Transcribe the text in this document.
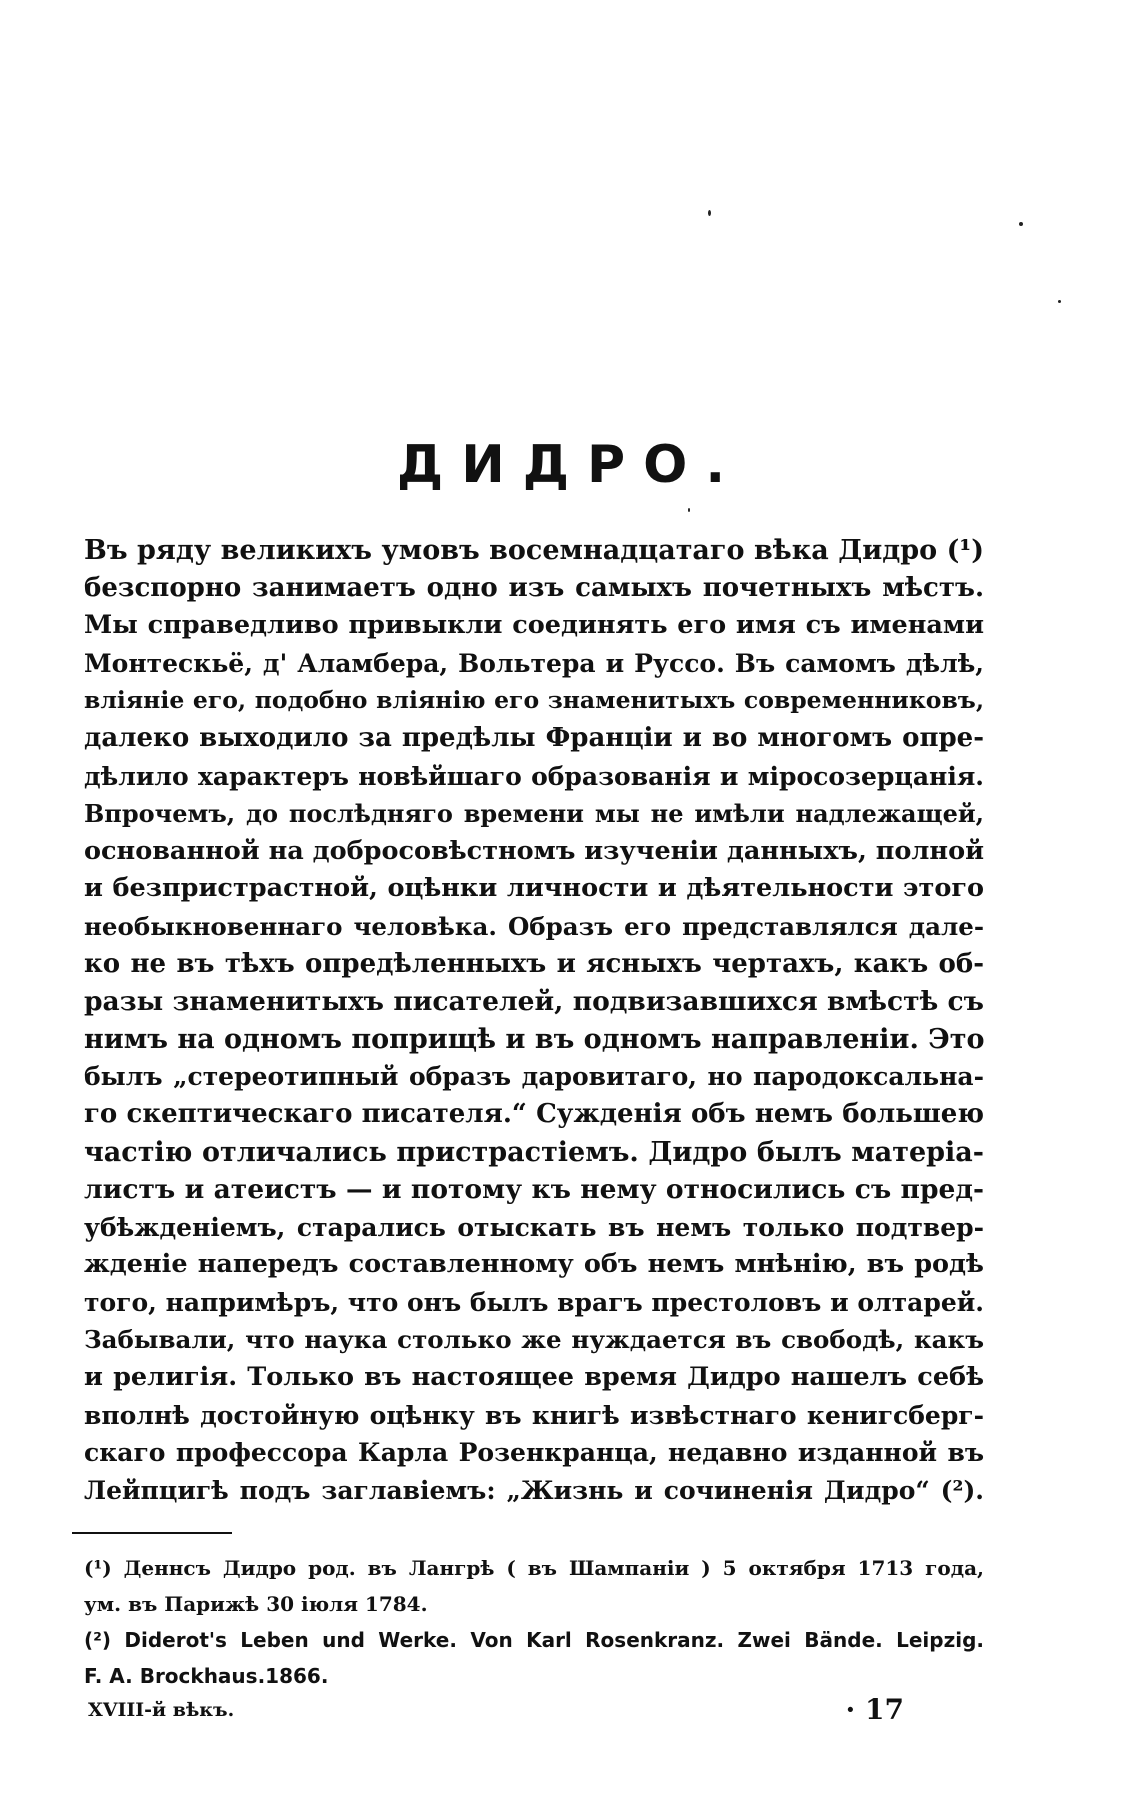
ДИДРО.
Въ ряду великихъ умовъ восемнадцатаго вѣка Дидро (¹)
безспорно занимаетъ одно изъ самыхъ почетныхъ мѣстъ.
Мы справедливо привыкли соединять его имя съ именами
Монтескьё, д' Аламбера, Вольтера и Руссо. Въ самомъ дѣлѣ,
вліяніе его, подобно вліянію его знаменитыхъ современниковъ,
далеко выходило за предѣлы Франціи и во многомъ опре-
дѣлило характеръ новѣйшаго образованія и міросозерцанія.
Впрочемъ, до послѣдняго времени мы не имѣли надлежащей,
основанной на добросовѣстномъ изученіи данныхъ, полной
и безпристрастной, оцѣнки личности и дѣятельности этого
необыкновеннаго человѣка. Образъ его представлялся дале-
ко не въ тѣхъ опредѣленныхъ и ясныхъ чертахъ, какъ об-
разы знаменитыхъ писателей, подвизавшихся вмѣстѣ съ
нимъ на одномъ поприщѣ и въ одномъ направленіи. Это
былъ „стереотипный образъ даровитаго, но пародоксальна-
го скептическаго писателя.“ Сужденія объ немъ большею
частію отличались пристрастіемъ. Дидро былъ матеріа-
листъ и атеистъ — и потому къ нему относились съ пред-
убѣжденіемъ, старались отыскать въ немъ только подтвер-
жденіе напередъ составленному объ немъ мнѣнію, въ родѣ
того, напримѣръ, что онъ былъ врагъ престоловъ и олтарей.
Забывали, что наука столько же нуждается въ свободѣ, какъ
и религія. Только въ настоящее время Дидро нашелъ себѣ
вполнѣ достойную оцѣнку въ книгѣ извѣстнаго кенигсберг-
скаго профессора Карла Розенкранца, недавно изданной въ
Лейпцигѣ подъ заглавіемъ: „Жизнь и сочиненія Дидро“ (²).
(¹) Деннсъ Дидро род. въ Лангрѣ ( въ Шампаніи ) 5 октября 1713 года,
ум. въ Парижѣ 30 іюля 1784.
(²) Diderot's Leben und Werke. Von Karl Rosenkranz. Zwei Bände. Leipzig.
F. A. Brockhaus.1866.
XVIII-й вѣкъ.	· 17
